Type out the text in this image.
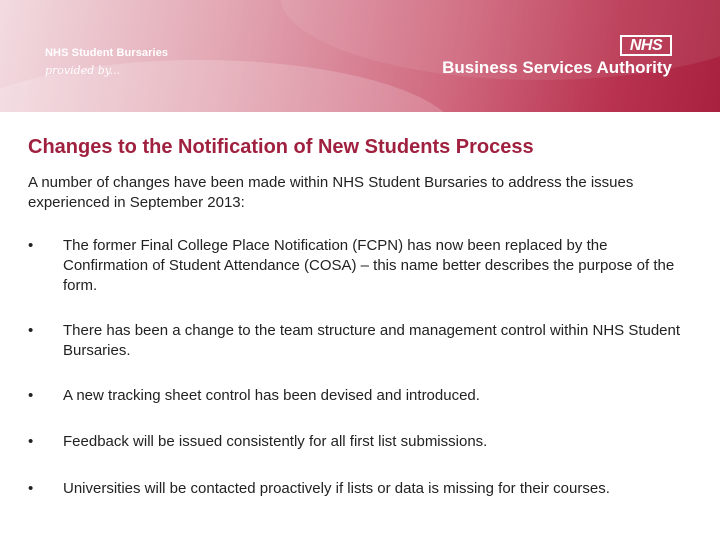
NHS Student Bursaries
provided by...
NHS
Business Services Authority
Changes to the Notification of New Students Process

A number of changes have been made within NHS Student Bursaries to address the issues experienced in September 2013:

•	The former Final College Place Notification (FCPN) has now been replaced by the Confirmation of Student Attendance (COSA) – this name better describes the purpose of the form.
•	There has been a change to the team structure and management control within NHS Student Bursaries.
•	A new tracking sheet control has been devised and introduced.
•	Feedback will be issued consistently for all first list submissions.
•	Universities will be contacted proactively if lists or data is missing for their courses.
